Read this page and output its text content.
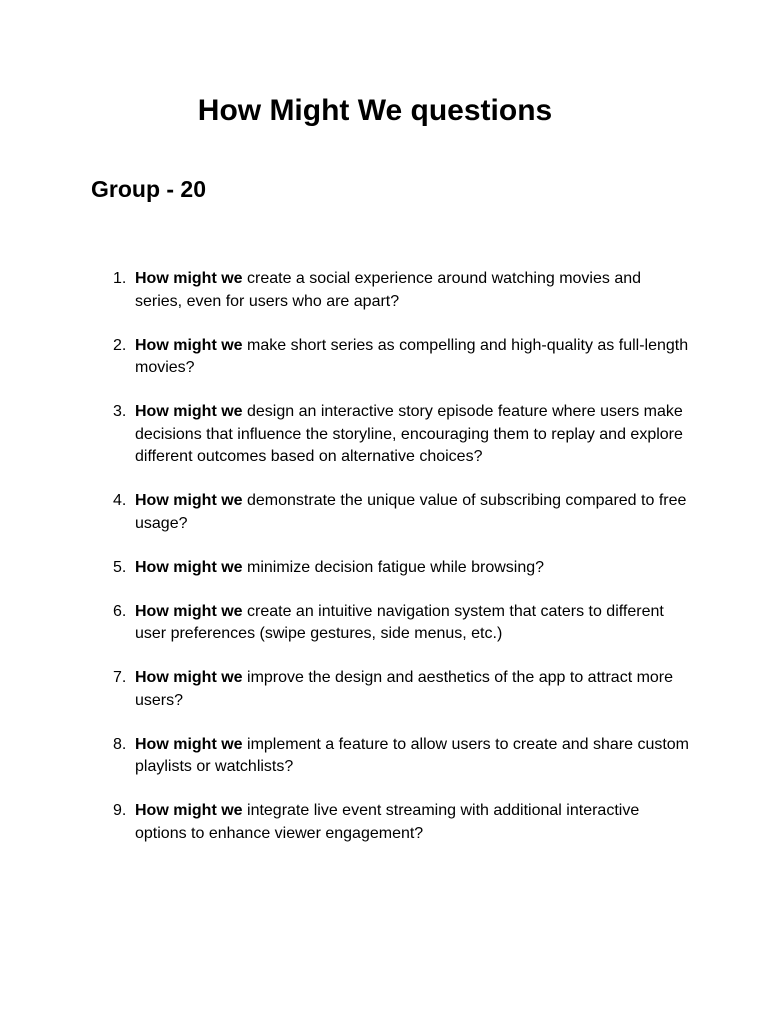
How Might We questions
Group - 20
1. How might we create a social experience around watching movies and series, even for users who are apart?
2. How might we make short series as compelling and high-quality as full-length movies?
3. How might we design an interactive story episode feature where users make decisions that influence the storyline, encouraging them to replay and explore different outcomes based on alternative choices?
4. How might we demonstrate the unique value of subscribing compared to free usage?
5. How might we minimize decision fatigue while browsing?
6. How might we create an intuitive navigation system that caters to different user preferences (swipe gestures, side menus, etc.)
7. How might we improve the design and aesthetics of the app to attract more users?
8. How might we implement a feature to allow users to create and share custom playlists or watchlists?
9. How might we integrate live event streaming with additional interactive options to enhance viewer engagement?
